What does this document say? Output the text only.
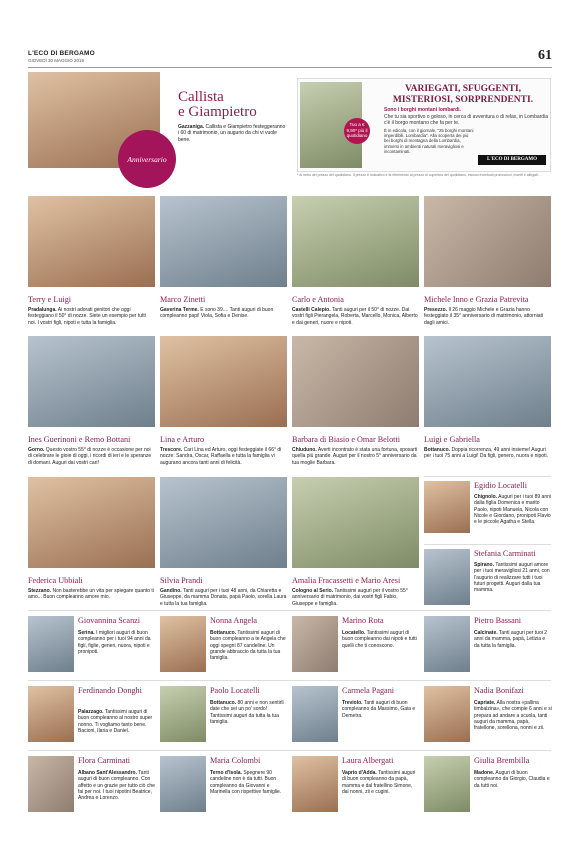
L'ECO DI BERGAMO
GIOVEDÌ 30 MAGGIO 2019	61
Anniversario
Callista
e Giampietro
Gazzaniga. Callista e Giampietro festeggeranno i 60 di matrimonio, un augurio da chi vi vuole bene.
Tuo a € 9,90* più il quotidiano
VARIEGATI, SFUGGENTI,
MISTERIOSI, SORPRENDENTI.
Sono i borghi montani lombardi.
Che tu sia sportivo o goloso, in cerca di avventura o di relax, in Lombardia c'è il borgo montano che fa per te.
È in edicola, con il giornale, "25 borghi montani imperdibili. Lombardia". Alla scoperta dei più bei borghi di montagna della Lombardia, immersi in ambienti naturali meravigliosi e incontaminati.
L'ECO DI BERGAMO
* Al netto del prezzo del quotidiano. Il prezzo è indicativo e fa riferimento al prezzo di copertina del quotidiano, esclusi eventuali promozioni, inserti e allegati.
Terry e Luigi
Pradalunga. Ai nostri adorati genitori che oggi festeggiano il 50° di nozze. Siete un esempio per tutti noi. I vostri figli, nipoti e tutta la famiglia.
Marco Zinetti
Gaverina Terme. E sono 39.... Tanti auguri di buon compleanno papi! Viola, Sofia e Denise.
Carlo e Antonia
Castelli Calepio. Tanti auguri per il 50° di nozze. Dai vostri figli Pierangela, Roberta, Marcello, Monica, Alberto e dai generi, nuore e nipoti.
Michele Inno e Grazia Patrevita
Presezzo. Il 26 maggio Michele e Grazia hanno festeggiato il 35° anniversario di matrimonio, attorniati dagli amici.
Ines Guerinoni e Remo Bottani
Gorno. Questo vostro 55° di nozze è occasione per noi di celebrare le gioie di oggi, i ricordi di ieri e le speranze di domani. Auguri dai vostri cari!
Lina e Arturo
Trescore. Cari Lina ed Arturo, oggi festeggiate il 66° di nozze: Sandra, Oscar, Raffaella e tutta la famiglia vi augurano ancora tanti anni di felicità.
Barbara di Biasio e Omar Belotti
Chiuduno. Averti incontrato è stata una fortuna, sposarti quella più grande. Auguri per il nostro 5° anniversario da tua moglie Barbara.
Luigi e Gabriella
Bottanuco. Doppia ricorrenza, 49 anni insieme! Auguri per i tuoi 75 anni a Luigi! Da figli, genero, nuora e nipoti.
Egidio Locatelli
Chignolo. Auguri per i tuoi 89 anni dalla figlia Domenica e marito Paolo, nipoti Manuela, Nicola con Nicole e Giordano, pronipoti Flavio e le piccole Agatha e Stella.
Stefania Carminati
Spirano. Tantissimi auguri amore per i tuoi meravigliosi 21 anni, con l'augurio di realizzare tutti i tuoi futuri progetti. Auguri dalla tua mamma.
Federica Ubbiali
Stezzano. Non basterebbe un vita per spiegare quanto ti amo... Buon compleanno amore mio.
Silvia Prandi
Gandino. Tanti auguri per i tuoi 48 anni, da Chiaretta e Giuseppe, da mamma Donata, papà Paolo, sorella Laura e tutta la tua famiglia.
Amalia Fracassetti e Mario Aresi
Cologno al Serio. Tantissimi auguri per il vostro 55° anniversario di matrimonio, dai vostri figli Fabio, Giuseppe e famiglia.
Giovannina Scanzi
Serina. I migliori auguri di buon compleanno per i tuoi 94 anni da figli, figlie, generi, nuora, nipoti e pronipoti.
Nonna Angela
Bottanuco. Tantissimi auguri di buon compleanno a te Angela che oggi spegni 87 candeline. Un grande abbraccio da tutta la tua famiglia.
Marino Rota
Locatello. Tantissimi auguri di buon compleanno dai nipoti e tutti quelli che ti conoscono.
Pietro Bassani
Calcinate. Tanti auguri per tuoi 2 anni da mamma, papà, Letizia e da tutta la famiglia.
Ferdinando Donghi
Palazzago. Tantissimi auguri di buon compleanno al nostro super nonno. Ti vogliamo tanto bene. Bacioni, Ilaria e Daniel.
Paolo Locatelli
Bottanuco. 80 anni e non sentirli date che sei un po' sordo! Tantissimi auguri da tutta la tua famiglia.
Carmela Pagani
Treviolo. Tanti auguri di buon compleanno da Massimo, Gaia e Demetra.
Nadia Bonifazi
Capriate. Alla nostra «pallina timbalzina», che compie 6 anni e si prepara ad andare a scuola, tanti auguri da mamma, papà, fratellone, sorellona, nonni e zii.
Flora Carminati
Albano Sant'Alessandro. Tanti auguri di buon compleanno. Con affetto e un grazie per tutto ciò che fai per noi. I tuoi nipotini Beatrice, Andrea e Lorenzo.
Maria Colombi
Terno d'Isola. Spegnere 90 candeline non è da tutti. Buon compleanno da Giovanni e Marinella con rispettive famiglie.
Laura Albergati
Vaprio d'Adda. Tantissimi auguri di buon compleanno da papà, mamma e dal fratellino Simone, dai nonni, zii e cugini.
Giulia Brembilla
Madone. Auguri di buon compleanno da Giorgio, Claudia e da tutti noi.
